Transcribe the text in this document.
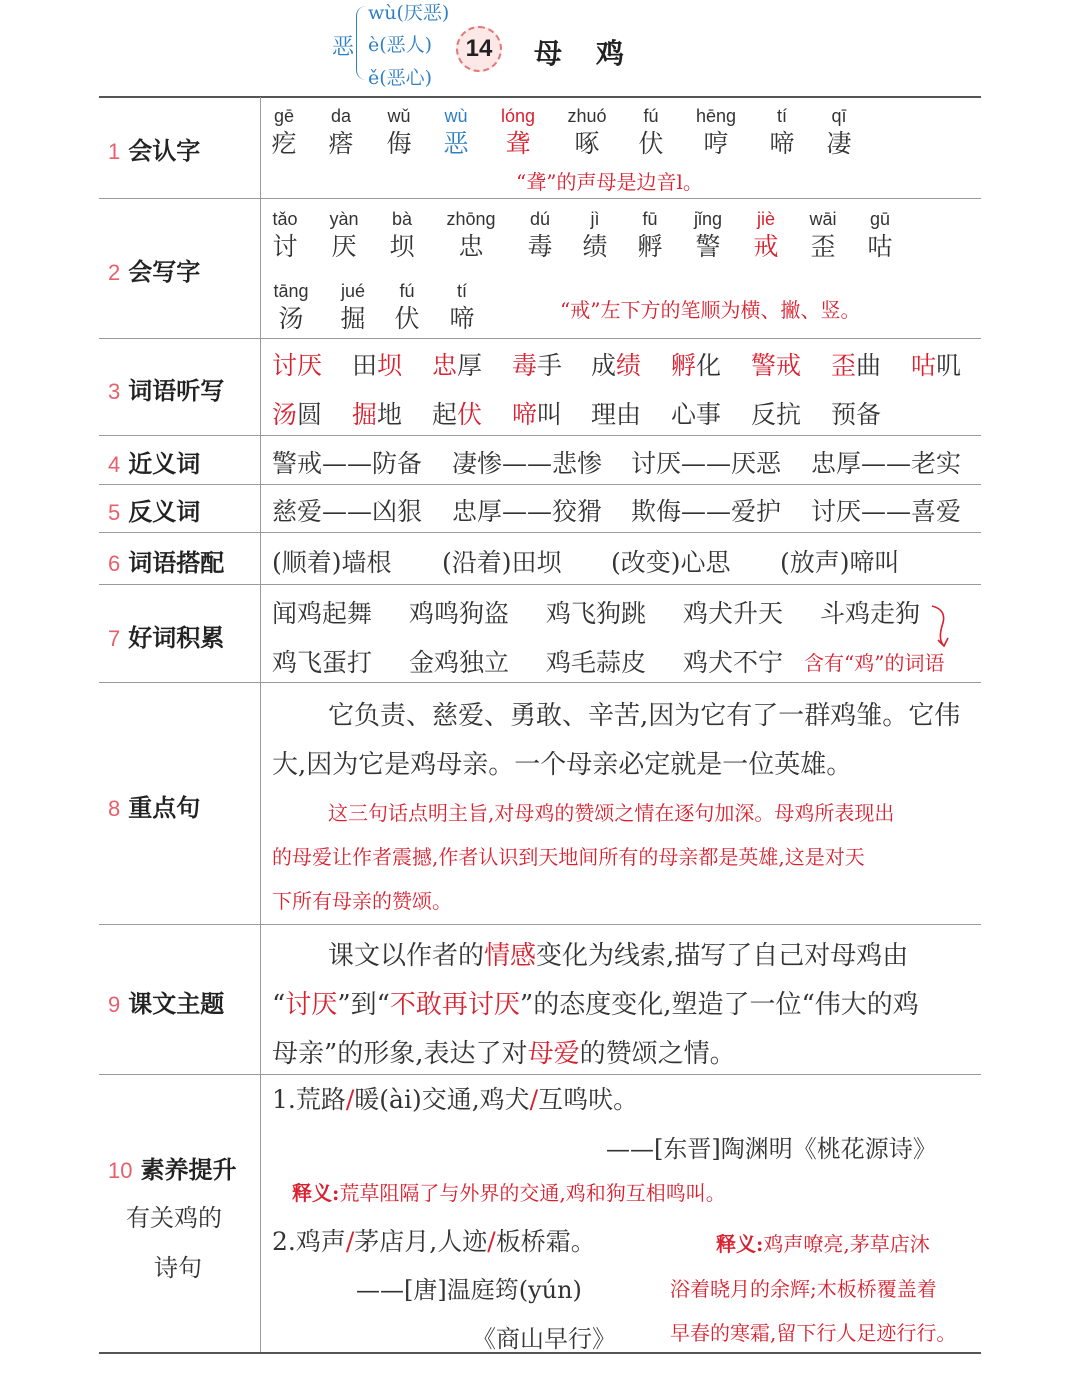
恶
wù(厌恶)
è(恶人)
ě(恶心)
14	母鸡
1 会认字
2 会写字
3 词语听写
4 近义词
5 反义词
6 词语搭配
7 好词积累
8 重点句
9 课文主题
10 素养提升
有关鸡的
诗句
gē
疙
da
瘩
wǔ
侮
wù
恶
lóng
聋
zhuó
啄
fú
伏
hēng
哼
tí
啼
qī
凄
“聋”的声母是边音l。
tǎo
讨
yàn
厌
bà
坝
zhōng
忠
dú
毒
jì
绩
fū
孵
jǐng
警
jiè
戒
wāi
歪
gū
咕
tāng
汤
jué
掘
fú
伏
tí
啼	“戒”左下方的笔顺为横、撇、竖。
讨厌 田坝 忠厚 毒手 成绩 孵化 警戒 歪曲 咕叽
汤圆 掘地 起伏 啼叫 理由 心事 反抗 预备
警戒——防备 凄惨——悲惨 讨厌——厌恶 忠厚——老实
慈爱——凶狠 忠厚——狡猾 欺侮——爱护 讨厌——喜爱
(顺着)墙根 (沿着)田坝 (改变)心思 (放声)啼叫
闻鸡起舞 鸡鸣狗盗 鸡飞狗跳 鸡犬升天 斗鸡走狗
鸡飞蛋打 金鸡独立 鸡毛蒜皮 鸡犬不宁 含有“鸡”的词语
它负责、慈爱、勇敢、辛苦,因为它有了一群鸡雏。它伟
大,因为它是鸡母亲。一个母亲必定就是一位英雄。
这三句话点明主旨,对母鸡的赞颂之情在逐句加深。母鸡所表现出
的母爱让作者震撼,作者认识到天地间所有的母亲都是英雄,这是对天
下所有母亲的赞颂。
课文以作者的情感变化为线索,描写了自己对母鸡由
“讨厌”到“不敢再讨厌”的态度变化,塑造了一位“伟大的鸡
母亲”的形象,表达了对母爱的赞颂之情。
1.荒路/暖(ài)交通,鸡犬/互鸣吠。
——[东晋]陶渊明《桃花源诗》
释义:荒草阻隔了与外界的交通,鸡和狗互相鸣叫。
2.鸡声/茅店月,人迹/板桥霜。
——[唐]温庭筠(yún)
《商山早行》
释义:鸡声嘹亮,茅草店沐
浴着晓月的余辉;木板桥覆盖着
早春的寒霜,留下行人足迹行行。
